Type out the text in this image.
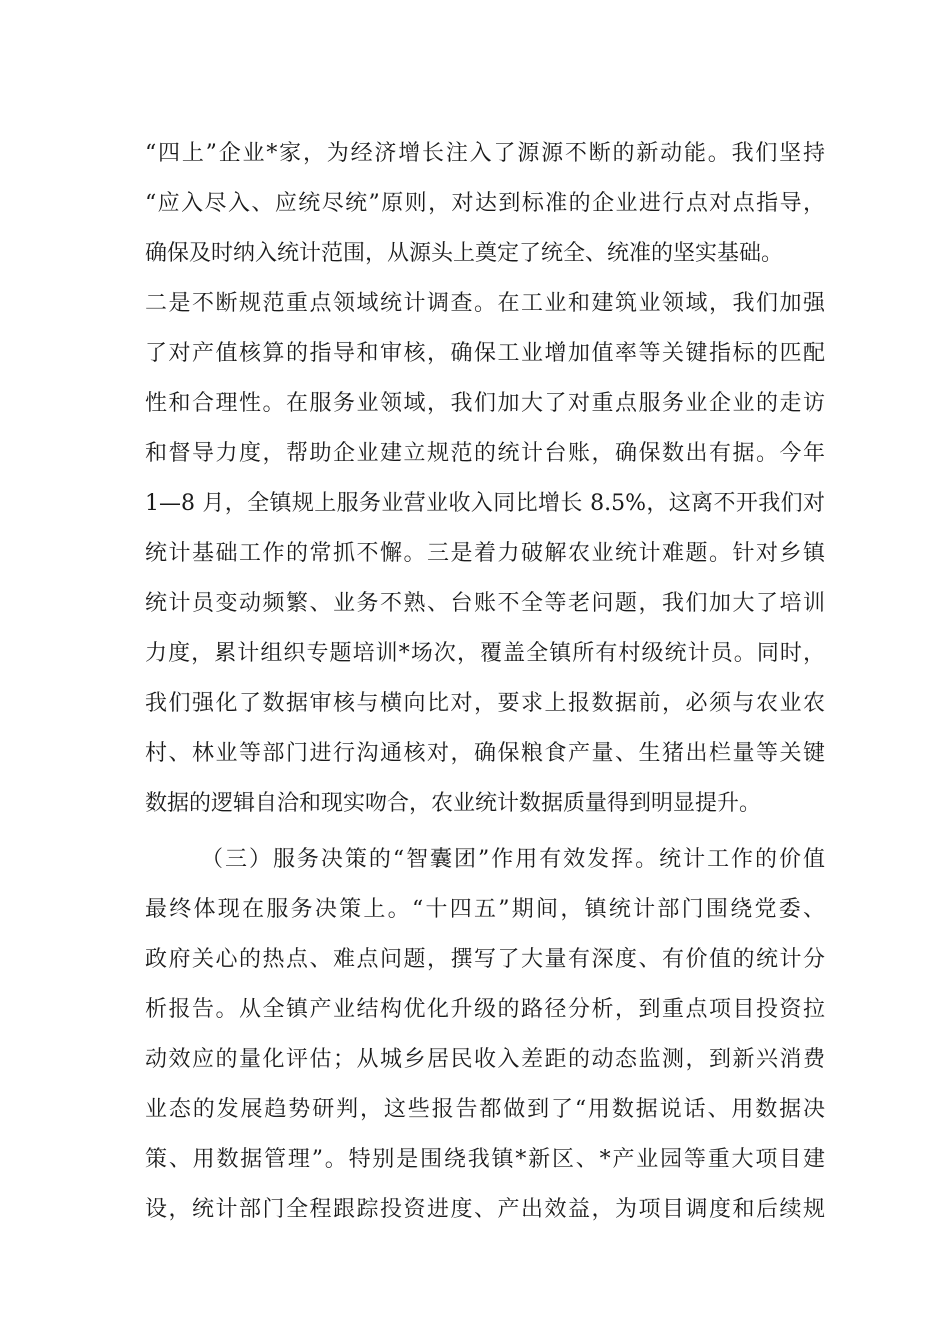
“四上”企业*家，为经济增长注入了源源不断的新动能。我们坚持
“应入尽入、应统尽统”原则，对达到标准的企业进行点对点指导，
确保及时纳入统计范围，从源头上奠定了统全、统准的坚实基础。
二是不断规范重点领域统计调查。在工业和建筑业领域，我们加强
了对产值核算的指导和审核，确保工业增加值率等关键指标的匹配
性和合理性。在服务业领域，我们加大了对重点服务业企业的走访
和督导力度，帮助企业建立规范的统计台账，确保数出有据。今年
1—8 月，全镇规上服务业营业收入同比增长 8.5%，这离不开我们对
统计基础工作的常抓不懈。三是着力破解农业统计难题。针对乡镇
统计员变动频繁、业务不熟、台账不全等老问题，我们加大了培训
力度，累计组织专题培训*场次，覆盖全镇所有村级统计员。同时，
我们强化了数据审核与横向比对，要求上报数据前，必须与农业农
村、林业等部门进行沟通核对，确保粮食产量、生猪出栏量等关键
数据的逻辑自洽和现实吻合，农业统计数据质量得到明显提升。
（三）服务决策的“智囊团”作用有效发挥。统计工作的价值
最终体现在服务决策上。“十四五”期间，镇统计部门围绕党委、
政府关心的热点、难点问题，撰写了大量有深度、有价值的统计分
析报告。从全镇产业结构优化升级的路径分析，到重点项目投资拉
动效应的量化评估；从城乡居民收入差距的动态监测，到新兴消费
业态的发展趋势研判，这些报告都做到了“用数据说话、用数据决
策、用数据管理”。特别是围绕我镇*新区、*产业园等重大项目建
设，统计部门全程跟踪投资进度、产出效益，为项目调度和后续规
